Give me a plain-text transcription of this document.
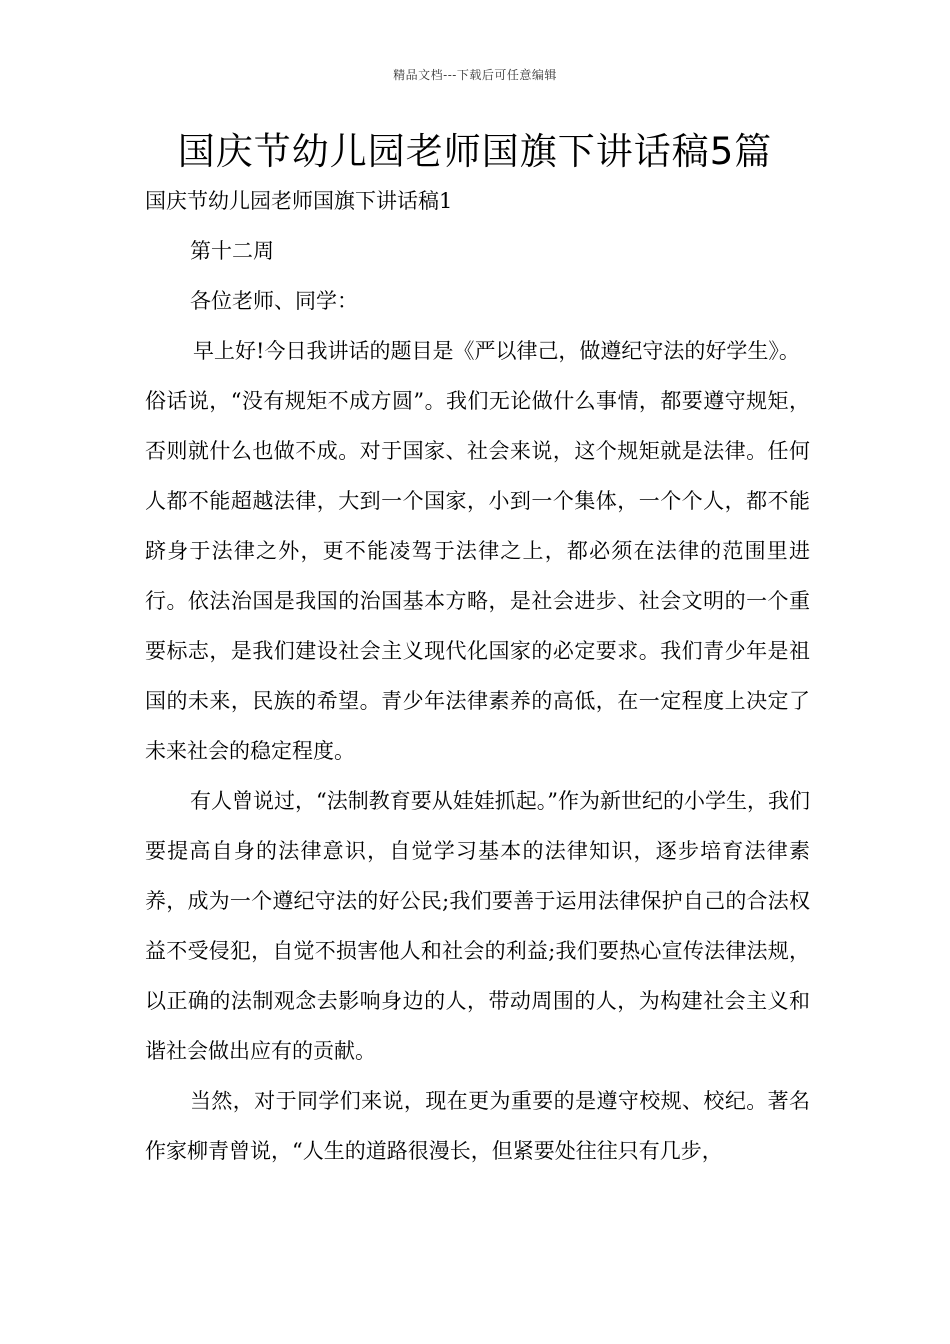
精品文档---下载后可任意编辑
国庆节幼儿园老师国旗下讲话稿5篇
国庆节幼儿园老师国旗下讲话稿1
第十二周
各位老师、同学：

早上好!今日我讲话的题目是《严以律己，做遵纪守法的好学生》。

俗话说，“没有规矩不成方圆”。我们无论做什么事情，都要遵守规矩，否则就什么也做不成。对于国家、社会来说，这个规矩就是法律。任何人都不能超越法律，大到一个国家，小到一个集体，一个个人，都不能跻身于法律之外，更不能凌驾于法律之上，都必须在法律的范围里进行。依法治国是我国的治国基本方略，是社会进步、社会文明的一个重要标志，是我们建设社会主义现代化国家的必定要求。我们青少年是祖国的未来，民族的希望。青少年法律素养的高低，在一定程度上决定了未来社会的稳定程度。

有人曾说过，“法制教育要从娃娃抓起。”作为新世纪的小学生，我们要提高自身的法律意识，自觉学习基本的法律知识，逐步培育法律素养，成为一个遵纪守法的好公民;我们要善于运用法律保护自己的合法权益不受侵犯，自觉不损害他人和社会的利益;我们要热心宣传法律法规，以正确的法制观念去影响身边的人，带动周围的人，为构建社会主义和谐社会做出应有的贡献。

当然，对于同学们来说，现在更为重要的是遵守校规、校纪。著名作家柳青曾说，“人生的道路很漫长，但紧要处往往只有几步，
